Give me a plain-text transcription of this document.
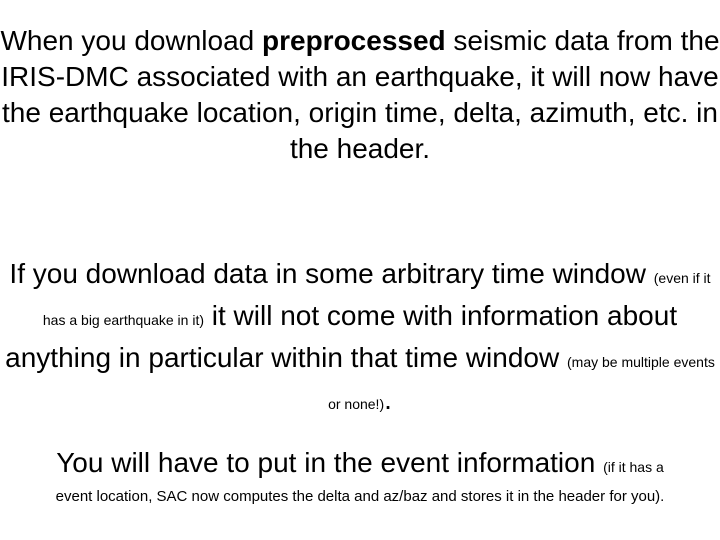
When you download preprocessed seismic data from the IRIS-DMC associated with an earthquake, it will now have the earthquake location, origin time, delta, azimuth, etc. in the header.

If you download data in some arbitrary time window (even if it has a big earthquake in it) it will not come with information about anything in particular within that time window (may be multiple events or none!).

You will have to put in the event information (if it has a

event location, SAC now computes the delta and az/baz and stores it in the header for you).
